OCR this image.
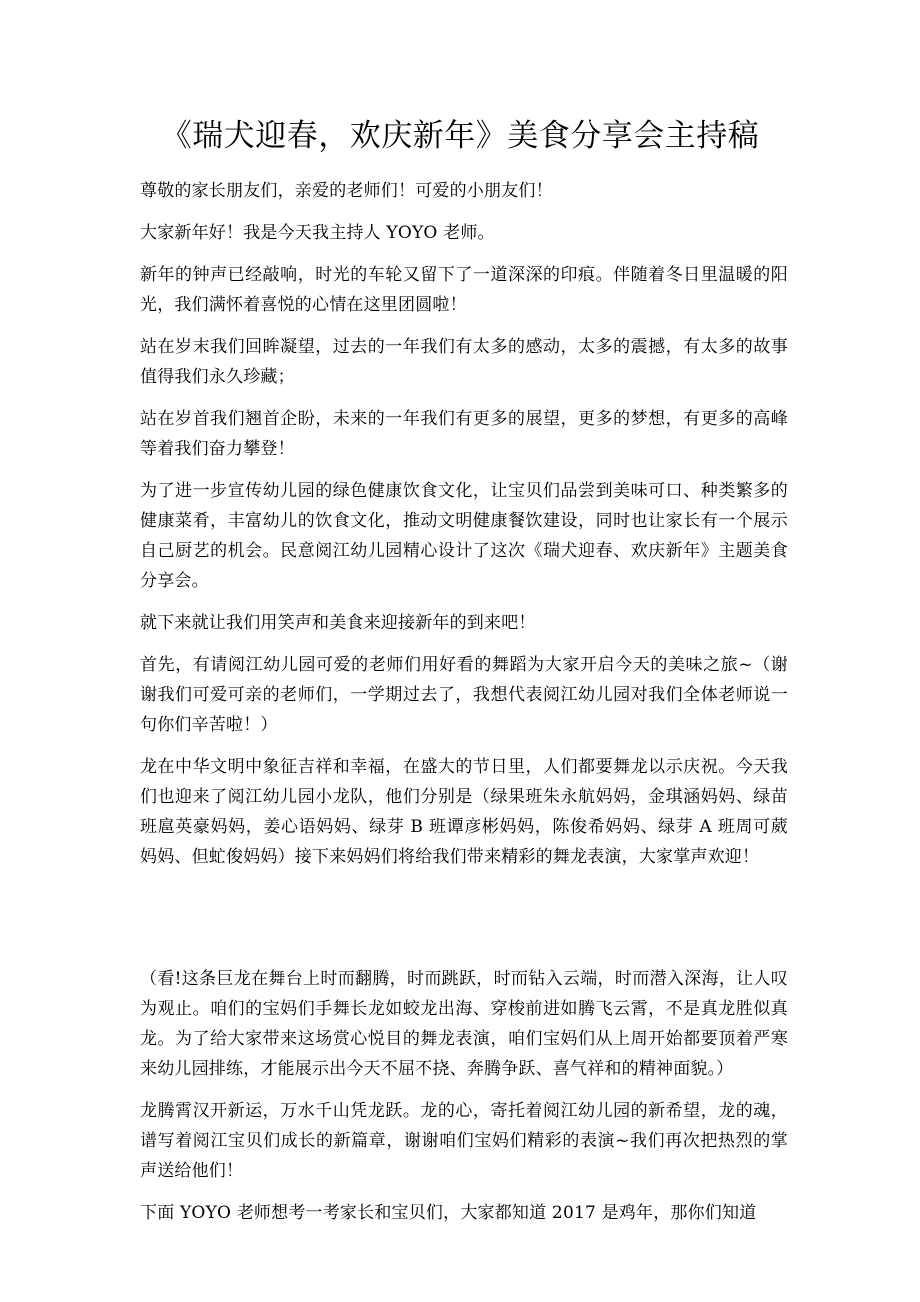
《瑞犬迎春，欢庆新年》美食分享会主持稿

尊敬的家长朋友们，亲爱的老师们！可爱的小朋友们！

大家新年好！我是今天我主持人 YOYO 老师。

新年的钟声已经敲响，时光的车轮又留下了一道深深的印痕。伴随着冬日里温暖的阳光，我们满怀着喜悦的心情在这里团圆啦！

站在岁末我们回眸凝望，过去的一年我们有太多的感动，太多的震撼，有太多的故事值得我们永久珍藏；

站在岁首我们翘首企盼，未来的一年我们有更多的展望，更多的梦想，有更多的高峰等着我们奋力攀登！

为了进一步宣传幼儿园的绿色健康饮食文化，让宝贝们品尝到美味可口、种类繁多的健康菜肴，丰富幼儿的饮食文化，推动文明健康餐饮建设，同时也让家长有一个展示自己厨艺的机会。民意阅江幼儿园精心设计了这次《瑞犬迎春、欢庆新年》主题美食分享会。

就下来就让我们用笑声和美食来迎接新年的到来吧！

首先，有请阅江幼儿园可爱的老师们用好看的舞蹈为大家开启今天的美味之旅~（谢谢我们可爱可亲的老师们，一学期过去了，我想代表阅江幼儿园对我们全体老师说一句你们辛苦啦！）

龙在中华文明中象征吉祥和幸福，在盛大的节日里，人们都要舞龙以示庆祝。今天我们也迎来了阅江幼儿园小龙队，他们分别是（绿果班朱永航妈妈，金琪涵妈妈、绿苗班扈英豪妈妈，姜心语妈妈、绿芽 B 班谭彦彬妈妈，陈俊希妈妈、绿芽 A 班周可葳妈妈、但虻俊妈妈）接下来妈妈们将给我们带来精彩的舞龙表演，大家掌声欢迎！

（看!这条巨龙在舞台上时而翻腾，时而跳跃，时而钻入云端，时而潜入深海，让人叹为观止。咱们的宝妈们手舞长龙如蛟龙出海、穿梭前进如腾飞云霄，不是真龙胜似真龙。为了给大家带来这场赏心悦目的舞龙表演，咱们宝妈们从上周开始都要顶着严寒来幼儿园排练，才能展示出今天不屈不挠、奔腾争跃、喜气祥和的精神面貌。）

龙腾霄汉开新运，万水千山凭龙跃。龙的心，寄托着阅江幼儿园的新希望，龙的魂，谱写着阅江宝贝们成长的新篇章，谢谢咱们宝妈们精彩的表演~我们再次把热烈的掌声送给他们！

下面 YOYO 老师想考一考家长和宝贝们，大家都知道 2017 是鸡年，那你们知道
